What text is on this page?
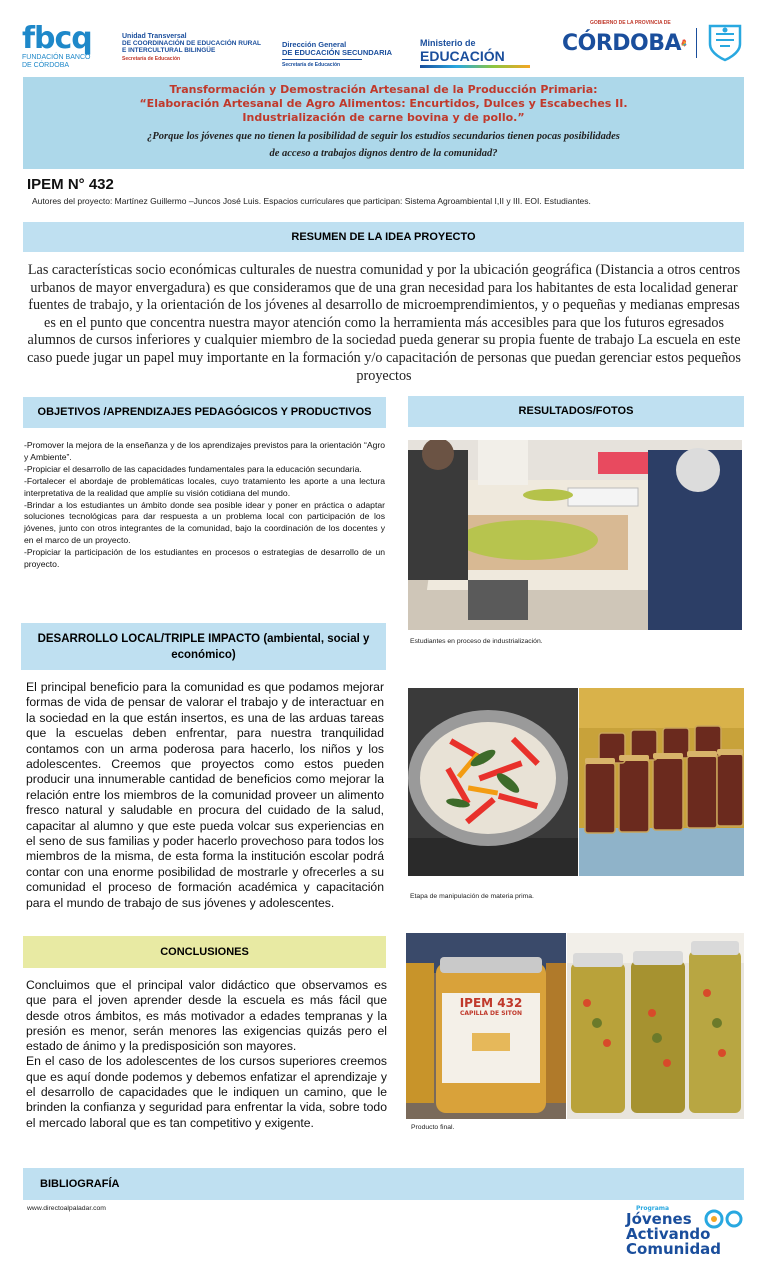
fbcq
FUNDACIÓN BANCO
DE CÓRDOBA
Unidad Transversal
DE COORDINACIÓN DE EDUCACIÓN RURAL
E INTERCULTURAL BILINGÜE
Secretaría de Educación
Dirección General
DE EDUCACIÓN SECUNDARIA
Secretaría de Educación
Ministerio de
EDUCACIÓN
GOBIERNO DE LA PROVINCIA DE
CÓRDOBA
Transformación y Demostración Artesanal de la Producción Primaria:
“Elaboración Artesanal de Agro Alimentos: Encurtidos, Dulces y Escabeches II.
Industrialización de carne bovina y de pollo.”
¿Porque los jóvenes que no tienen la posibilidad de seguir los estudios secundarios tienen pocas posibilidades
de acceso a trabajos dignos dentro de la comunidad?
IPEM N° 432
Autores del proyecto: Martínez Guillermo –Juncos José Luis. Espacios curriculares que participan: Sistema Agroambiental I,II y III. EOI. Estudiantes.
RESUMEN DE LA IDEA PROYECTO
Las características socio económicas culturales de nuestra comunidad y por la ubicación geográfica (Distancia a otros centros urbanos de mayor envergadura) es que consideramos que de una gran necesidad para los habitantes de esta localidad generar fuentes de trabajo, y la orientación de los jóvenes al desarrollo de microemprendimientos, y o pequeñas y medianas empresas es en el punto que concentra nuestra mayor atención como la herramienta más accesibles para que los futuros egresados alumnos de cursos inferiores y cualquier miembro de la sociedad pueda generar su propia fuente de trabajo La escuela en este caso puede jugar un papel muy importante en la formación y/o capacitación de personas que puedan gerenciar estos pequeños proyectos
OBJETIVOS /APRENDIZAJES PEDAGÓGICOS Y PRODUCTIVOS
-Promover la mejora de la enseñanza y de los aprendizajes previstos para la orientación “Agro y Ambiente”.
-Propiciar el desarrollo de las capacidades fundamentales para la educación secundaria.
-Fortalecer el abordaje de problemáticas locales, cuyo tratamiento les aporte a una lectura interpretativa de la realidad que amplíe su visión cotidiana del mundo.
-Brindar a los estudiantes un ámbito donde sea posible idear y poner en práctica o adaptar soluciones tecnológicas para dar respuesta a un problema local con participación de los jóvenes, junto con otros integrantes de la comunidad, bajo la coordinación de los docentes y en el marco de un proyecto.
-Propiciar la participación de los estudiantes en procesos o estrategias de desarrollo de un proyecto.
RESULTADOS/FOTOS
Estudiantes en proceso de industrialización.
Etapa de manipulación de materia prima.
IPEM 432
CAPILLA DE SITON
Producto final.
DESARROLLO LOCAL/TRIPLE IMPACTO (ambiental, social y
económico)
El principal beneficio para la comunidad es que podamos mejorar formas de vida de pensar de valorar el trabajo y de interactuar en la sociedad en la que están insertos, es una de las arduas tareas que la escuelas deben enfrentar, para nuestra tranquilidad contamos con un arma poderosa para hacerlo, los niños y los adolescentes. Creemos que proyectos como estos pueden producir una innumerable cantidad de beneficios como mejorar la relación entre los miembros de la comunidad proveer un alimento fresco natural y saludable en procura del cuidado de la salud, capacitar al alumno y que este pueda volcar sus experiencias en el seno de sus familias y poder hacerlo provechoso para todos los miembros de la misma, de esta forma la institución escolar podrá contar con una enorme posibilidad de mostrarle y ofrecerles a su comunidad el proceso de formación académica y capacitación para el mundo de trabajo de sus jóvenes y adolescentes.
CONCLUSIONES
Concluimos que el principal valor didáctico que observamos es que para el joven aprender desde la escuela es más fácil que desde otros ámbitos, es más motivador a edades tempranas y la presión es menor, serán menores las exigencias quizás pero el estado de ánimo y la predisposición son mayores.
En el caso de los adolescentes de los cursos superiores creemos que es aquí donde podemos y debemos enfatizar el aprendizaje y el desarrollo de capacidades que le indiquen un camino, que le brinden la confianza y seguridad para enfrentar la vida, sobre todo el mercado laboral que es tan competitivo y exigente.
BIBLIOGRAFÍA
www.directoalpaladar.com	Programa
Jóvenes
Activando
Comunidad
